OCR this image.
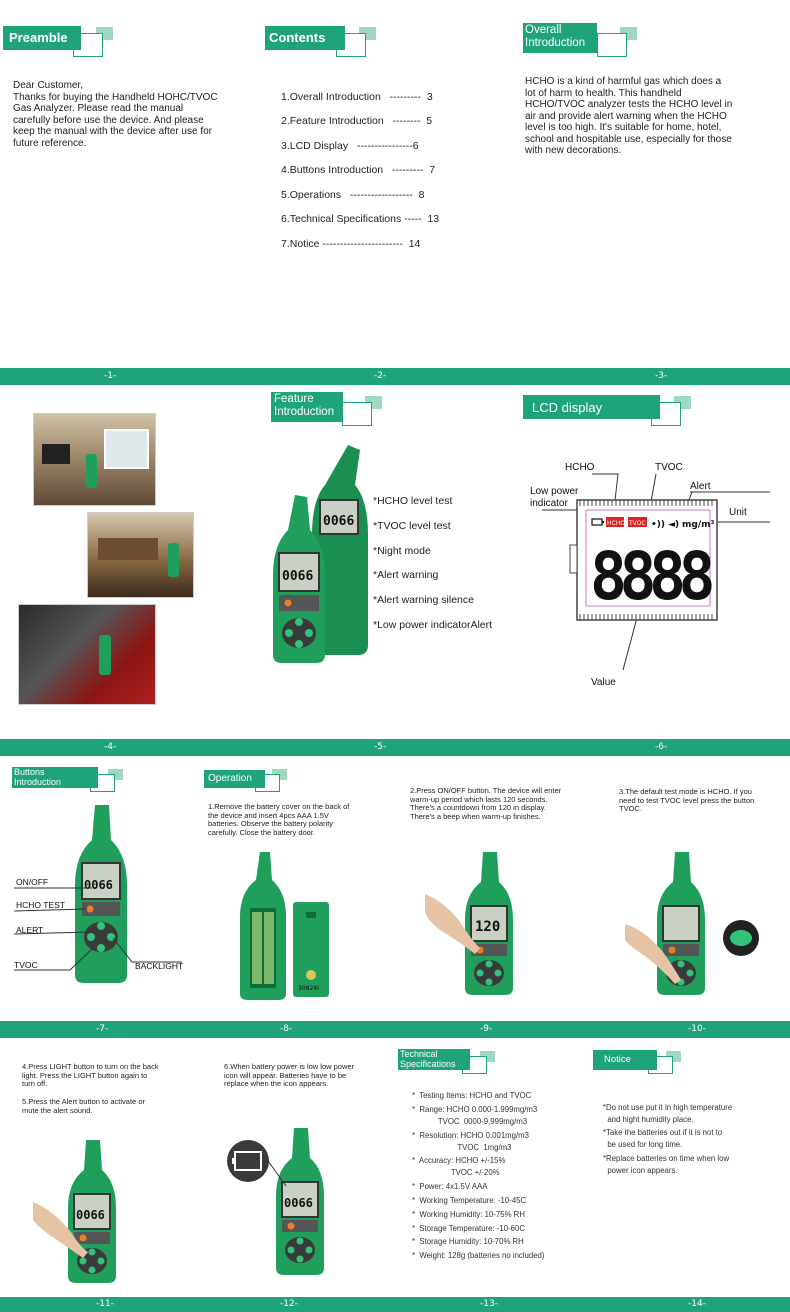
Preamble
Dear Customer,
Thanks for buying the Handheld HOHC/TVOC
Gas Analyzer. Please read the manual
carefully before use the device. And please
keep the manual with the device after use for
future reference.
Contents
1.Overall Introduction   ---------  3
2.Feature Introduction   --------  5
3.LCD Display   ----------------6
4.Buttons Introduction   ---------  7
5.Operations   ------------------  8
6.Technical Specifications -----  13
7.Notice -----------------------  14
Overall
Introduction
HCHO is a kind of harmful gas which does a
lot of harm to health. This handheld
HCHO/TVOC analyzer tests the HCHO level in
air and provide alert warning when the HCHO
level is too high. It's suitable for home, hotel,
school and hospitable use, especially for those
with new decorations.
-1-	-2-	-3-
Feature
Introduction
0066
0066
*HCHO level test
*TVOC level test
*Night mode
*Alert warning
*Alert warning silence
*Low power indicatorAlert
LCD display
HCHO	TVOC
Alert
Low power
indicator
Unit
Value
HCHO TVOC •)) ◄) mg/m³
8888
-4-	-5-	-6-
Buttons
Introduction
0066
ON/OFF
HCHO TEST
ALERT
TVOC	BACKLIGHT
Operation
1.Remove the battery cover on the back of
the device and insert 4pcs AAA 1.5V
batteries. Observe the battery polarity
carefully. Close the battery door.
30824I
2.Press ON/OFF button. The device will enter
warm-up period which lasts 120 seconds.
There's a countdown from 120 in display.
There's a beep when warm-up finishes.
120
3.The default test mode is HCHO. If you
need to test TVOC level press the button
TVOC.
-7-	-8-	-9-	-10-
4.Press LIGHT button to turn on the back
light. Press the LIGHT button again to
turn off.
5.Press the Alert button to activate or
mute the alert sound.
0066
6.When battery power is low low power
icon will appear. Batteries have to be
replace when the icon appears.
0066
Technical
Specifications
*  Testing Items: HCHO and TVOC
*  Range: HCHO 0.000-1.999mg/m3
TVOC  0000-9.999mg/m3
*  Resolution: HCHO 0.001mg/m3
TVOC  1mg/m3
*  Accuracy: HCHO +/-15%
TVOC +/-20%
*  Power: 4x1.5V AAA
*  Working Temperature: -10-45C
*  Working Humidity: 10-75% RH
*  Storage Temperature: -10-60C
*  Storage Humidity: 10-70% RH
*  Weight: 128g (batteries no included)
Notice
*Do not use put it in high temperature
and hight humidity place.
*Take the batteries out if it is not to
be used for long time.
*Replace batteries on time when low
power icon appears.
-11-	-12-	-13-	-14-
